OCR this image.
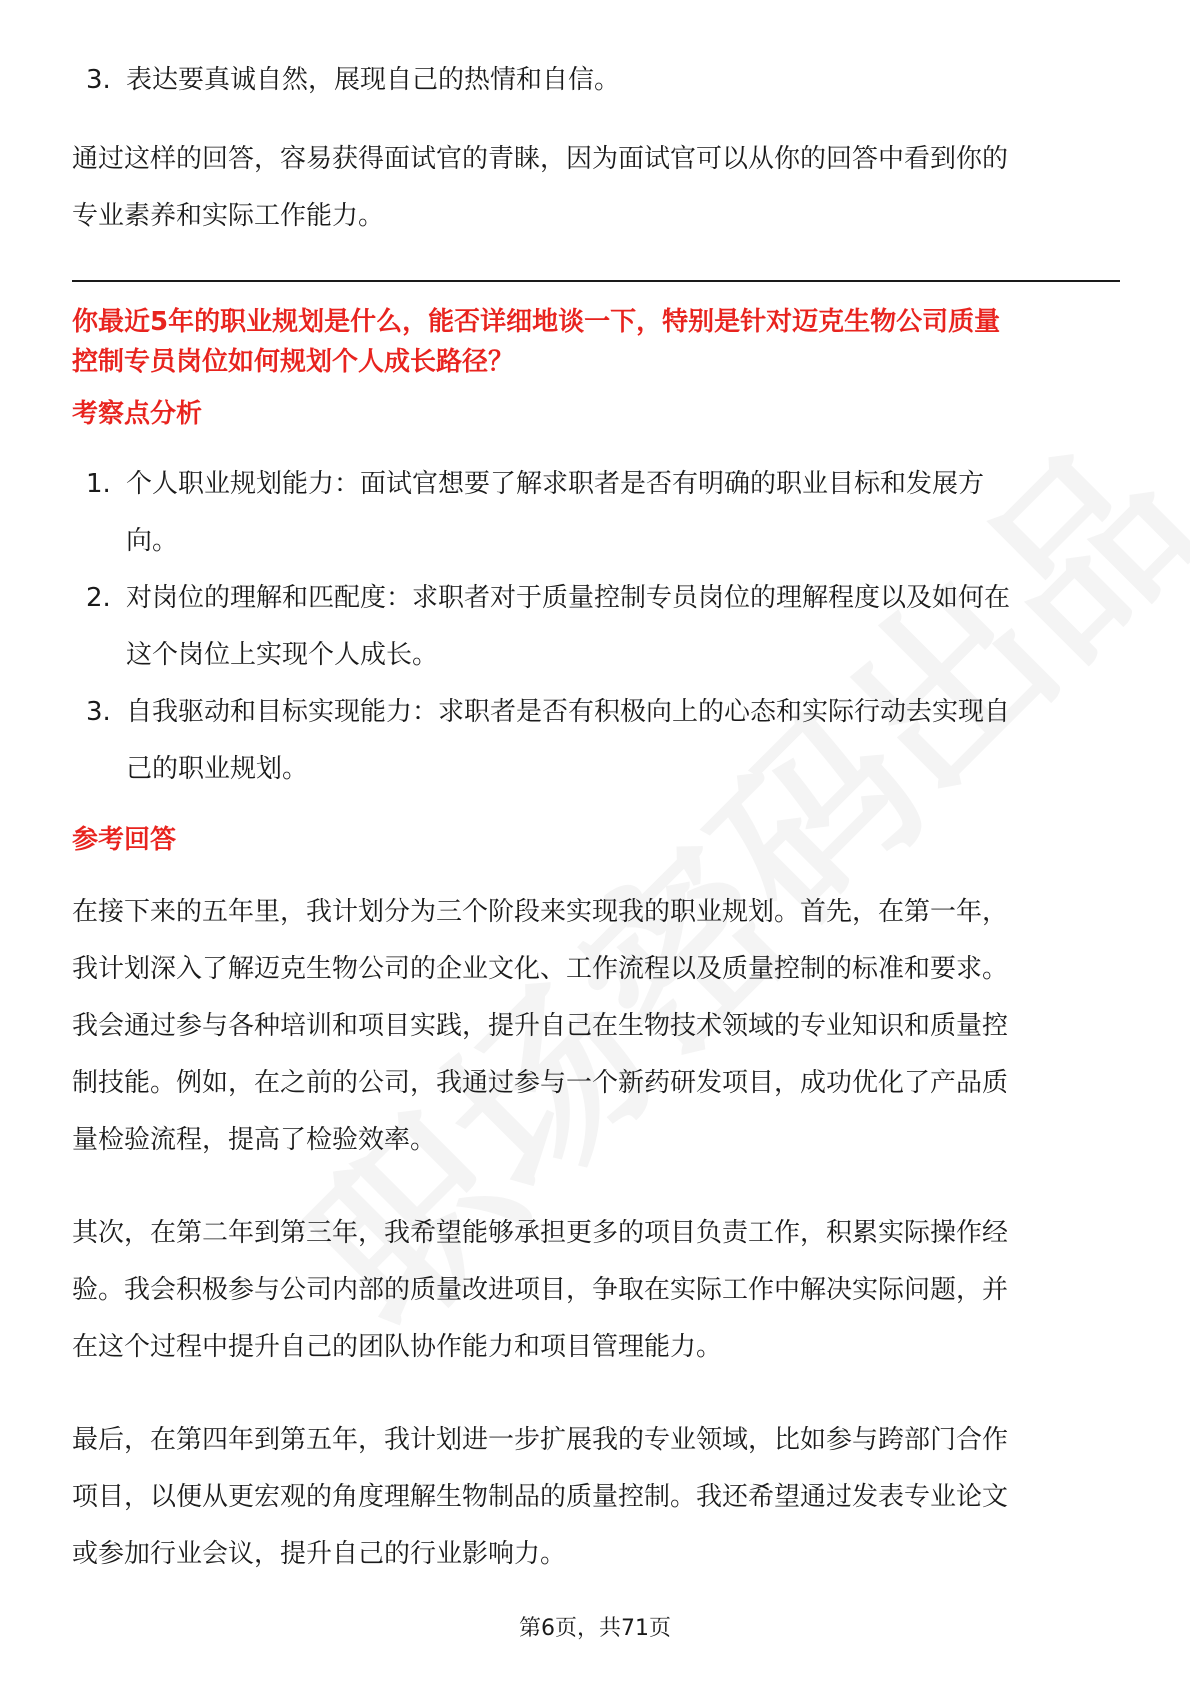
3. 表达要真诚自然，展现自己的热情和自信。

通过这样的回答，容易获得面试官的青睐，因为面试官可以从你的回答中看到你的
专业素养和实际工作能力。

你最近5年的职业规划是什么，能否详细地谈一下，特别是针对迈克生物公司质量
控制专员岗位如何规划个人成长路径？

考察点分析

1. 个人职业规划能力：面试官想要了解求职者是否有明确的职业目标和发展方
向。
2. 对岗位的理解和匹配度：求职者对于质量控制专员岗位的理解程度以及如何在
这个岗位上实现个人成长。
3. 自我驱动和目标实现能力：求职者是否有积极向上的心态和实际行动去实现自
己的职业规划。

参考回答

在接下来的五年里，我计划分为三个阶段来实现我的职业规划。首先，在第一年，
我计划深入了解迈克生物公司的企业文化、工作流程以及质量控制的标准和要求。
我会通过参与各种培训和项目实践，提升自己在生物技术领域的专业知识和质量控
制技能。例如，在之前的公司，我通过参与一个新药研发项目，成功优化了产品质
量检验流程，提高了检验效率。

其次，在第二年到第三年，我希望能够承担更多的项目负责工作，积累实际操作经
验。我会积极参与公司内部的质量改进项目，争取在实际工作中解决实际问题，并
在这个过程中提升自己的团队协作能力和项目管理能力。

最后，在第四年到第五年，我计划进一步扩展我的专业领域，比如参与跨部门合作
项目，以便从更宏观的角度理解生物制品的质量控制。我还希望通过发表专业论文
或参加行业会议，提升自己的行业影响力。

第6页，共71页
